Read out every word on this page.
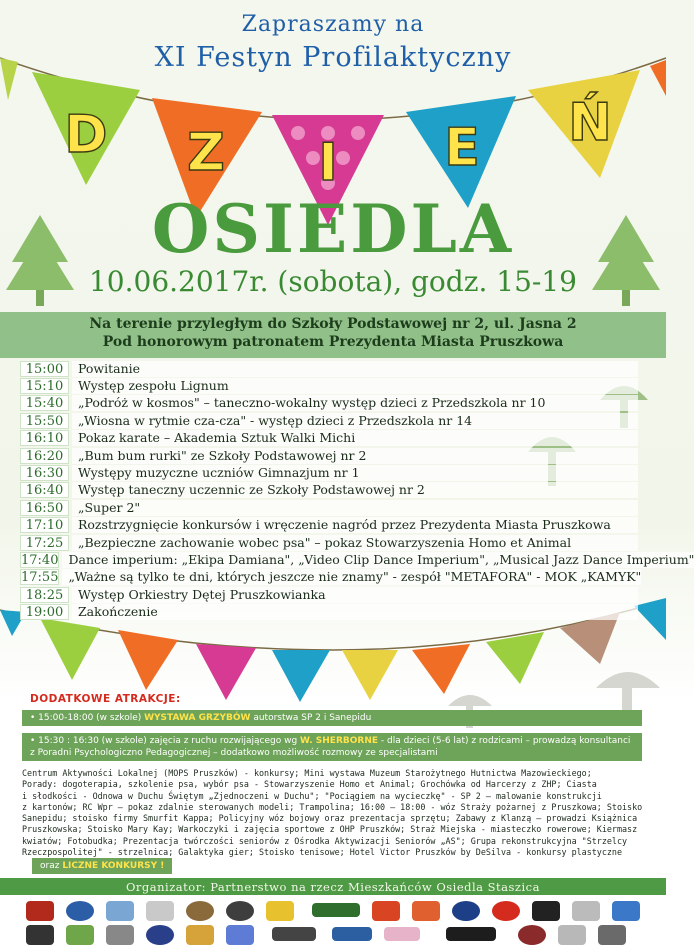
D Z I E Ń
Zapraszamy na
XI Festyn Profilaktyczny
OSIEDLA
10.06.2017r. (sobota), godz. 15-19
Na terenie przyległym do Szkoły Podstawowej nr 2, ul. Jasna 2
Pod honorowym patronatem Prezydenta Miasta Pruszkowa
15:00	Powitanie
15:10	Występ zespołu Lignum
15:40	„Podróż w kosmos" – taneczno-wokalny występ dzieci z Przedszkola nr 10
15:50	„Wiosna w rytmie cza-cza" - występ dzieci z Przedszkola nr 14
16:10	Pokaz karate – Akademia Sztuk Walki Michi
16:20	„Bum bum rurki" ze Szkoły Podstawowej nr 2
16:30	Występy muzyczne uczniów Gimnazjum nr 1
16:40	Występ taneczny uczennic ze Szkoły Podstawowej nr 2
16:50	„Super 2"
17:10	Rozstrzygnięcie konkursów i wręczenie nagród przez Prezydenta Miasta Pruszkowa
17:25	„Bezpieczne zachowanie wobec psa" – pokaz Stowarzyszenia Homo et Animal
17:40 Dance imperium: „Ekipa Damiana", „Video Clip Dance Imperium", „Musical Jazz Dance Imperium"
17:55 „Ważne są tylko te dni, których jeszcze nie znamy" - zespół "METAFORA" - MOK „KAMYK"
18:25	Występ Orkiestry Dętej Pruszkowianka
19:00	Zakończenie
DODATKOWE ATRAKCJE:
• 15:00-18:00 (w szkole) WYSTAWA GRZYBÓW autorstwa SP 2 i Sanepidu
• 15:30 : 16:30 (w szkole) zajęcia z ruchu rozwijającego wg W. SHERBORNE - dla dzieci (5-6 lat) z rodzicami – prowadzą konsultanci z Poradni Psychologiczno Pedagogicznej – dodatkowo możliwość rozmowy ze specjalistami
Centrum Aktywności Lokalnej (MOPS Pruszków) - konkursy; Mini wystawa Muzeum Starożytnego Hutnictwa Mazowieckiego;
Porady: dogoterapia, szkolenie psa, wybór psa - Stowarzyszenie Homo et Animal; Grochówka od Harcerzy z ZHP; Ciasta
i słodkości - Odnowa w Duchu Świętym „Zjednoczeni w Duchu"; "Pociągiem na wycieczkę" - SP 2 – malowanie konstrukcji
z kartonów; RC Wpr – pokaz zdalnie sterowanych modeli; Trampolina; 16:00 – 18:00 - wóz Straży pożarnej z Pruszkowa; Stoisko
Sanepidu; stoisko firmy Smurfit Kappa; Policyjny wóz bojowy oraz prezentacja sprzętu; Zabawy z Klanzą – prowadzi Książnica
Pruszkowska; Stoisko Mary Kay; Warkoczyki i zajęcia sportowe z OHP Pruszków; Straż Miejska - miasteczko rowerowe; Kiermasz
kwiatów; Fotobudka; Prezentacja twórczości seniorów z Ośrodka Aktywizacji Seniorów „AS"; Grupa rekonstrukcyjna "Strzelcy
Rzeczpospolitej" - strzelnica; Galaktyka gier; Stoisko tenisowe; Hotel Victor Pruszków by DeSilva - konkursy plastyczne
oraz LICZNE KONKURSY !
Organizator: Partnerstwo na rzecz Mieszkańców Osiedla Staszica
